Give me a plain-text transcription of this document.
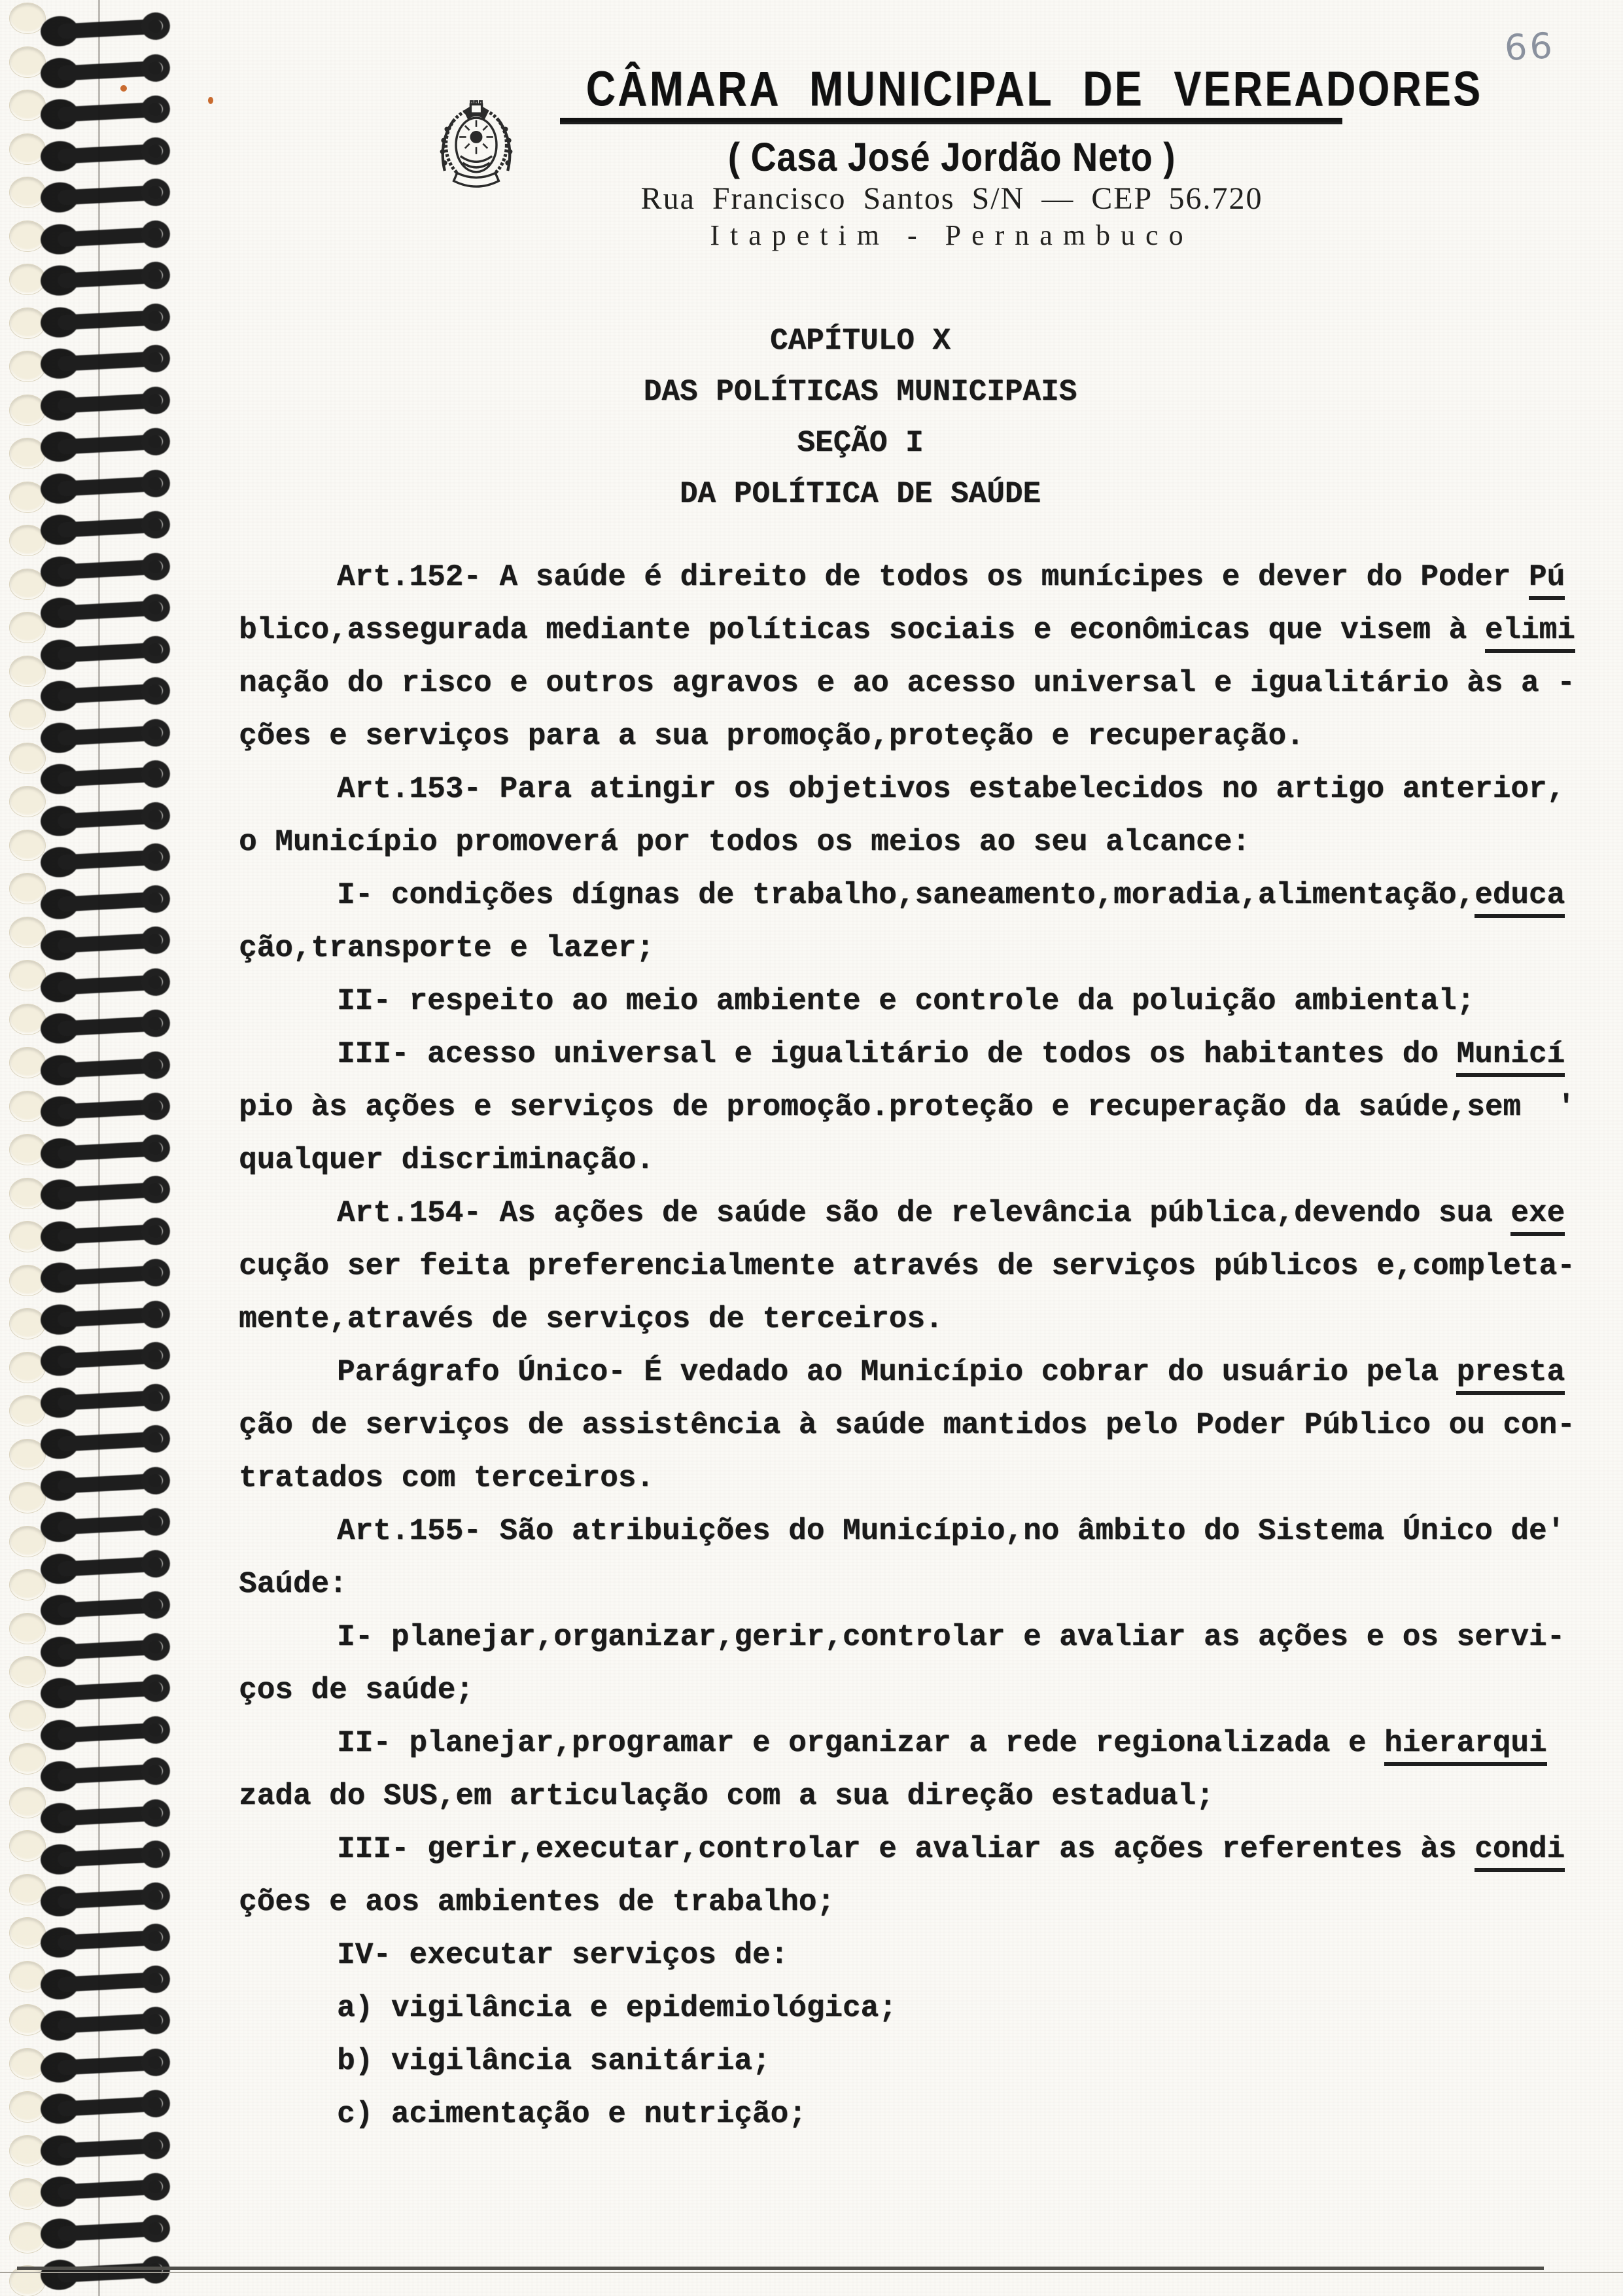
CÂMARA MUNICIPAL DE VEREADORES
( Casa José Jordão Neto )
Rua Francisco Santos S/N — CEP 56.720
Itapetim - Pernambuco
66
CAPÍTULO X
DAS POLÍTICAS MUNICIPAIS
SEÇÃO I
DA POLÍTICA DE SAÚDE
Art.152- A saúde é direito de todos os munícipes e dever do Poder Pú
blico,assegurada mediante políticas sociais e econômicas que visem à elimi
nação do risco e outros agravos e ao acesso universal e igualitário às a -
ções e serviços para a sua promoção,proteção e recuperação.
Art.153- Para atingir os objetivos estabelecidos no artigo anterior,
o Município promoverá por todos os meios ao seu alcance:
I- condições dígnas de trabalho,saneamento,moradia,alimentação,educa
ção,transporte e lazer;
II- respeito ao meio ambiente e controle da poluição ambiental;
III- acesso universal e igualitário de todos os habitantes do Municí
pio às ações e serviços de promoção.proteção e recuperação da saúde,sem  '
qualquer discriminação.
Art.154- As ações de saúde são de relevância pública,devendo sua exe
cução ser feita preferencialmente através de serviços públicos e,completa-
mente,através de serviços de terceiros.
Parágrafo Único- É vedado ao Município cobrar do usuário pela presta
ção de serviços de assistência à saúde mantidos pelo Poder Público ou con-
tratados com terceiros.
Art.155- São atribuições do Município,no âmbito do Sistema Único de'
Saúde:
I- planejar,organizar,gerir,controlar e avaliar as ações e os servi-
ços de saúde;
II- planejar,programar e organizar a rede regionalizada e hierarqui
zada do SUS,em articulação com a sua direção estadual;
III- gerir,executar,controlar e avaliar as ações referentes às condi
ções e aos ambientes de trabalho;
IV- executar serviços de:
a) vigilância e epidemiológica;
b) vigilância sanitária;
c) acimentação e nutrição;
